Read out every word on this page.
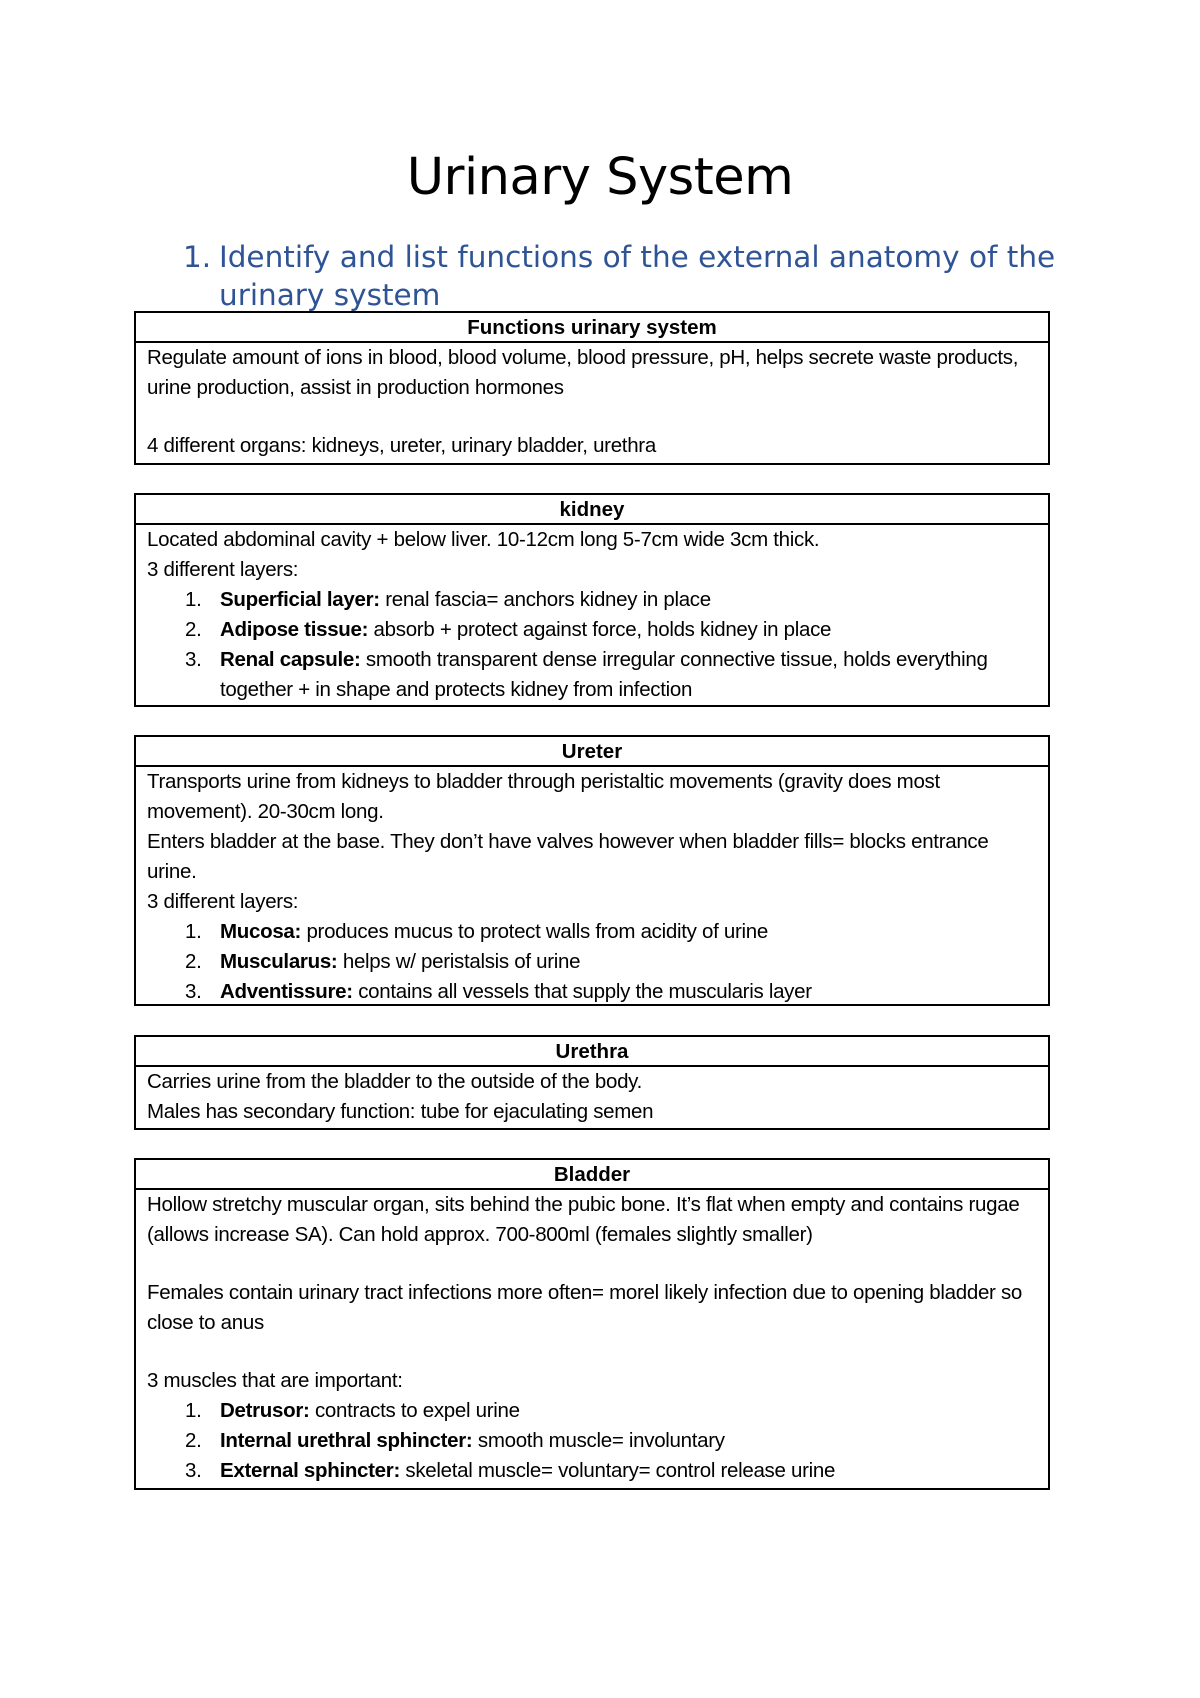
Urinary System
1. Identify and list functions of the external anatomy of the urinary system
Functions urinary system

Regulate amount of ions in blood, blood volume, blood pressure, pH, helps secrete waste products, urine production, assist in production hormones

4 different organs: kidneys, ureter, urinary bladder, urethra

kidney

Located abdominal cavity + below liver. 10-12cm long 5-7cm wide 3cm thick.

3 different layers:

1. Superficial layer: renal fascia= anchors kidney in place
2. Adipose tissue: absorb + protect against force, holds kidney in place
3. Renal capsule: smooth transparent dense irregular connective tissue, holds everything together + in shape and protects kidney from infection
Ureter

Transports urine from kidneys to bladder through peristaltic movements (gravity does most movement). 20-30cm long.

Enters bladder at the base. They don’t have valves however when bladder fills= blocks entrance urine.

3 different layers:

1. Mucosa: produces mucus to protect walls from acidity of urine
2. Muscularus: helps w/ peristalsis of urine
3. Adventissure: contains all vessels that supply the muscularis layer
Urethra

Carries urine from the bladder to the outside of the body.

Males has secondary function: tube for ejaculating semen

Bladder

Hollow stretchy muscular organ, sits behind the pubic bone. It’s flat when empty and contains rugae (allows increase SA). Can hold approx. 700-800ml (females slightly smaller)

Females contain urinary tract infections more often= morel likely infection due to opening bladder so close to anus

3 muscles that are important:

1. Detrusor: contracts to expel urine
2. Internal urethral sphincter: smooth muscle= involuntary
3. External sphincter: skeletal muscle= voluntary= control release urine
